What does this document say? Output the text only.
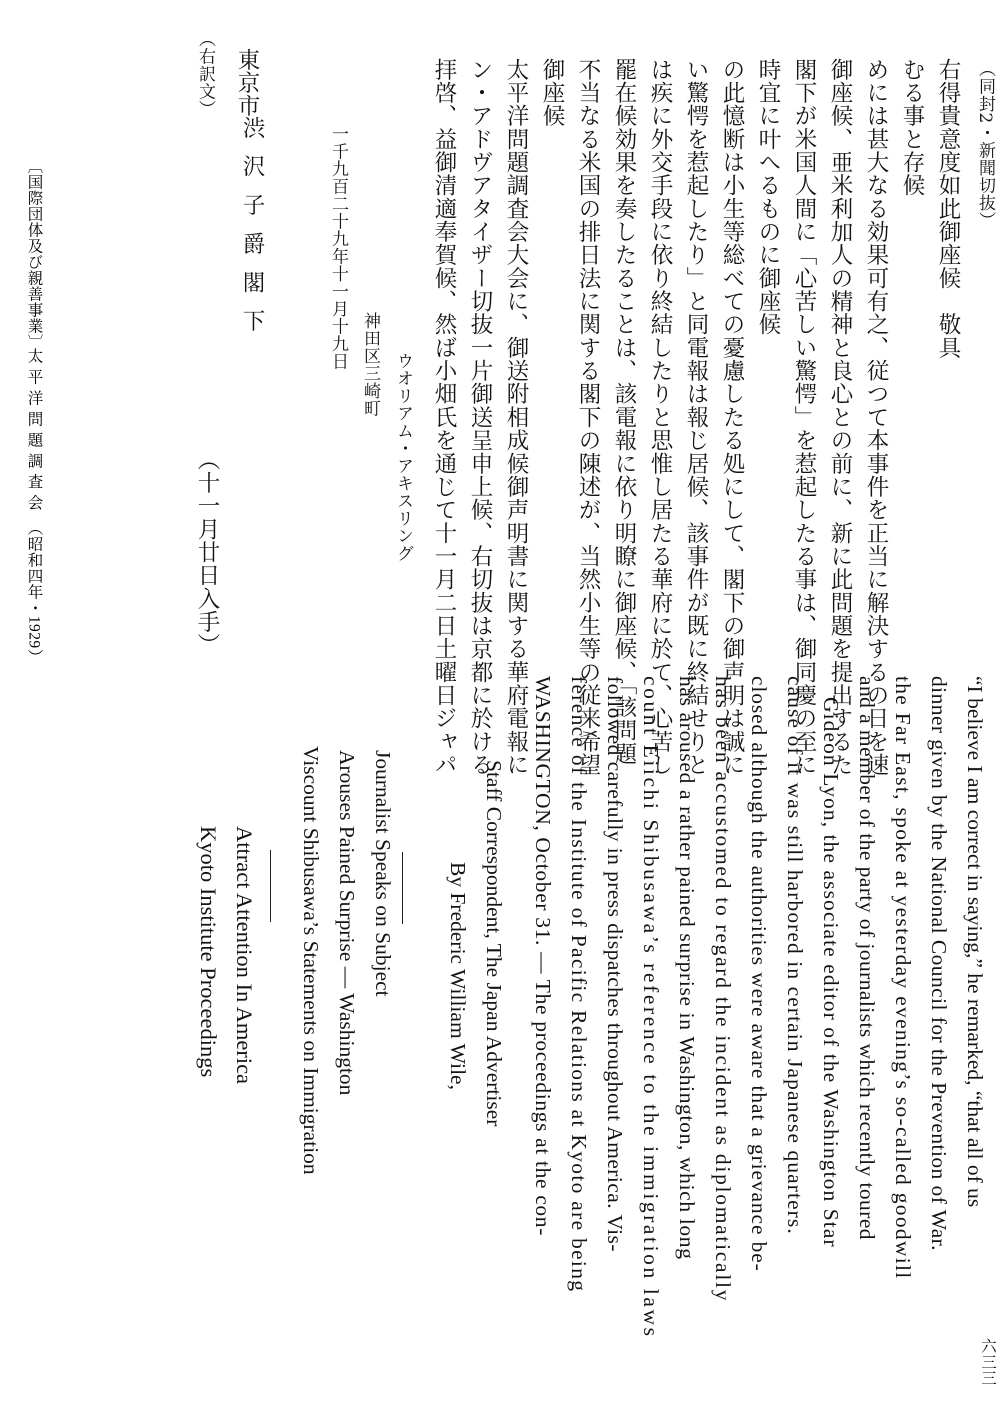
（右訳文） 東京市
渋 沢 子 爵 閣 下	一千九百二十九年十一月十九日 神田区三崎町 ウオリアム・アキスリング
（十一月廿日入手）	拝啓、益御清適奉賀候、然ば小畑氏を通じて十一月二日土曜日ジャパ ン・アドヴアタイザー切抜一片御送呈申上候、右切抜は京都に於ける 太平洋問題調査会大会に、御送附相成候御声明書に関する華府電報に 御座候 不当なる米国の排日法に関する閣下の陳述が、当然小生等の従来希望 罷在候効果を奏したることは、該電報に依り明瞭に御座候、「該問題 は疾に外交手段に依り終結したりと思惟し居たる華府に於て、心苦し い驚愕を惹起したり」と同電報は報じ居候、該事件が既に終結せりと の此憶断は小生等総べての憂慮したる処にして、閣下の御声明は誠に 時宜に叶へるものに御座候 閣下が米国人間に「心苦しい驚愕」を惹起したる事は、御同慶の至に 御座候、亜米利加人の精神と良心との前に、新に此問題を提出するた めには甚大なる効果可有之、従つて本事件を正当に解決するの日を速 むる事と存候 右得貴意度如此御座候　敬具 （同封2・新聞切抜）
Kyoto Institute Proceedings Attract Attention In America Viscount Shibusawa’s Statements on Immigration Arouses Pained Surprise — Washington Journalist Speaks on Subject By Frederic William Wile, Staff Correspondent, The Japan Advertiser WASHINGTON, October 31. — The proceedings at the con- ference of the Institute of Pacific Relations at Kyoto are being followed carefully in press dispatches throughout America. Vis- count Eiichi Shibusawa’s reference to the immigration laws has aroused a rather pained surprise in Washington, which long has been accustomed to regard the incident as diplomatically closed although the authorities were aware that a grievance be- cause of it was still harbored in certain Japanese quarters. Gideon Lyon, the associate editor of the Washington Star and a member of the party of journalists which recently toured the Far East, spoke at yesterday evening’s so-called goodwill dinner given by the National Council for the Prevention of War. “I believe I am correct in saying,” he remarked, “that all of us
六三三
〔国際団体及び親善事業〕
太平洋問題調査会
（昭和四年・1929）
